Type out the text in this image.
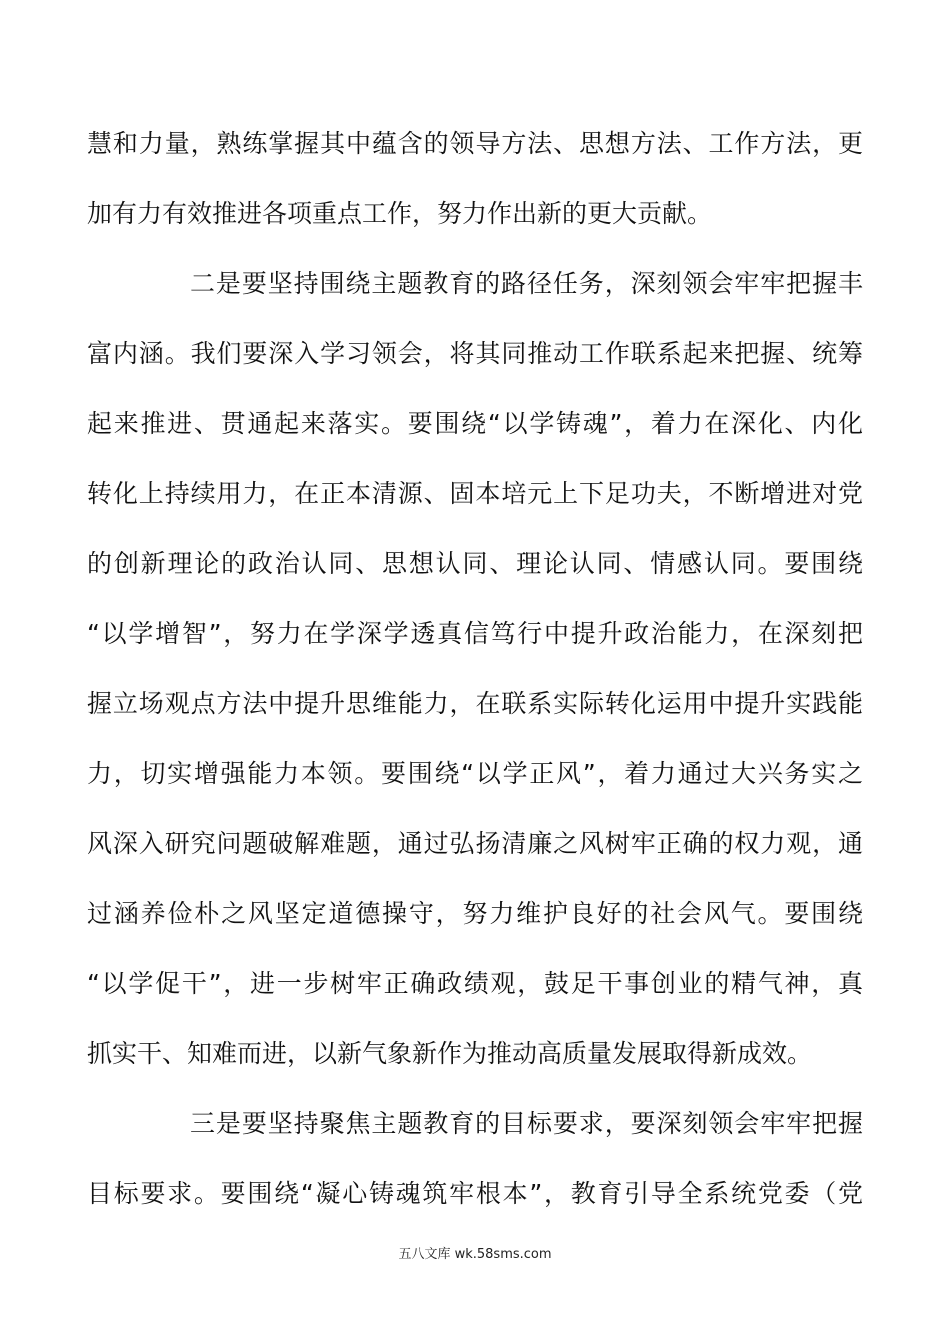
慧和力量，熟练掌握其中蕴含的领导方法、思想方法、工作方法，更
加有力有效推进各项重点工作，努力作出新的更大贡献。
二是要坚持围绕主题教育的路径任务，深刻领会牢牢把握丰
富内涵。我们要深入学习领会，将其同推动工作联系起来把握、统筹
起来推进、贯通起来落实。要围绕“以学铸魂”，着力在深化、内化
转化上持续用力，在正本清源、固本培元上下足功夫，不断增进对党
的创新理论的政治认同、思想认同、理论认同、情感认同。要围绕
“以学增智”，努力在学深学透真信笃行中提升政治能力，在深刻把
握立场观点方法中提升思维能力，在联系实际转化运用中提升实践能
力，切实增强能力本领。要围绕“以学正风”，着力通过大兴务实之
风深入研究问题破解难题，通过弘扬清廉之风树牢正确的权力观，通
过涵养俭朴之风坚定道德操守，努力维护良好的社会风气。要围绕
“以学促干”，进一步树牢正确政绩观，鼓足干事创业的精气神，真
抓实干、知难而进，以新气象新作为推动高质量发展取得新成效。
三是要坚持聚焦主题教育的目标要求，要深刻领会牢牢把握
目标要求。要围绕“凝心铸魂筑牢根本”，教育引导全系统党委（党
五八文库 wk.58sms.com
